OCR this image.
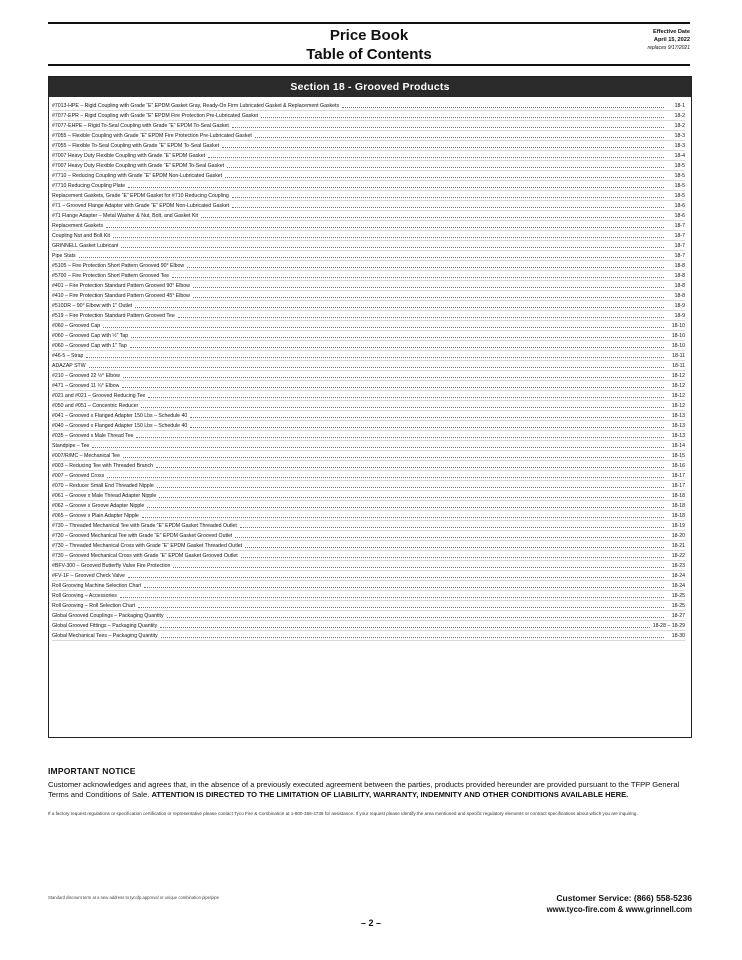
Price Book
Table of Contents
Effective Date
April 15, 2022
replaces 9/17/2021
Section 18 - Grooved Products
#7013-HPE – Rigid Coupling with Grade “E” EPDM Gasket Gray, Ready-On Firm Lubricated Gasket & Replacement Gaskets	18-1
#7077-EPR – Rigid Coupling with Grade “E” EPDM Fire Protection Pre-Lubricated Gasket	18-2
#7077-EHPE – Rigid To-Seal Coupling with Grade “E” EPDM To-Seal Gasket	18-2
#7055 – Flexible Coupling with Grade “E” EPDM Fire Protection Pre-Lubricated Gasket	18-3
#7055 – Flexible To-Seal Coupling with Grade “E” EPDM To-Seal Gasket	18-3
#7007 Heavy Duty Flexible Coupling with Grade “E” EPDM Gasket	18-4
#7007 Heavy Duty Flexible Coupling with Grade “E” EPDM To-Seal Gasket	18-5
#7710 – Reducing Coupling with Grade “E” EPDM Non-Lubricated Gasket	18-5
#7710 Reducing Coupling Plate	18-5
Replacement Gaskets, Grade “E” EPDM Gasket for #710 Reducing Coupling	18-5
#71 – Grooved Flange Adapter with Grade “E” EPDM Non-Lubricated Gasket	18-6
#71 Flange Adapter – Metal Washer & Nut, Bolt, and Gasket Kit	18-6
Replacement Gaskets	18-7
Coupling Nut and Bolt Kit	18-7
GRINNELL Gasket Lubricant	18-7
Pipe Stats	18-7
#5105 – Fire Protection Short Pattern Grooved 90° Elbow	18-8
#5700 – Fire Protection Short Pattern Grooved Tee	18-8
#401 – Fire Protection Standard Pattern Grooved 90° Elbow	18-8
#410 – Fire Protection Standard Pattern Grooved 45° Elbow	18-8
#510DR – 90° Elbow with 1" Outlet	18-9
#519 – Fire Protection Standard Pattern Grooved Tee	18-9
#060 – Grooved Cap	18-10
#060 – Grooved Cap with ½" Tap	18-10
#060 – Grooved Cap with 1" Tap	18-10
#46-5 – Strap	18-11
ADAZAP STW	18-11
#210 – Grooved 22 ½° Elbow	18-12
#471 – Grooved 11 ¼° Elbow	18-12
#021 and #021 – Grooved Reducing Tee	18-12
#050 and #051 – Concentric Reducer	18-12
#041 – Grooved x Flanged Adapter 150 Lbs – Schedule 40	18-13
#040 – Grooved x Flanged Adapter 150 Lbs – Schedule 40	18-13
#035 – Grooved x Male Thread Tee	18-13
Standpipe – Tee	18-14
#007/R/MC – Mechanical Tee	18-15
#003 – Reducing Tee with Threaded Branch	18-16
#007 – Grooved Cross	18-17
#070 – Reducer Small End Threaded Nipple	18-17
#061 – Groove x Male Thread Adapter Nipple	18-18
#062 – Groove x Groove Adapter Nipple	18-18
#065 – Groove x Plain Adapter Nipple	18-18
#730 – Threaded Mechanical Tee with Grade “E” EPDM Gasket Threaded Outlet	18-19
#730 – Grooved Mechanical Tee with Grade “E” EPDM Gasket Grooved Outlet	18-20
#730 – Threaded Mechanical Cross with Grade “E” EPDM Gasket Threaded Outlet	18-21
#730 – Grooved Mechanical Cross with Grade “E” EPDM Gasket Grooved Outlet	18-22
#BFV-300 – Grooved Butterfly Valve Fire Protection	18-23
#FV-1F – Grooved Check Valve	18-24
Roll Grooving Machine Selection Chart	18-24
Roll Grooving – Accessories	18-25
Roll Grooving – Roll Selection Chart	18-25
Global Grooved Couplings – Packaging Quantity	18-27
Global Grooved Fittings – Packaging Quantity	18-28 – 18-29
Global Mechanical Tees – Packaging Quantity	18-30
IMPORTANT NOTICE
Customer acknowledges and agrees that, in the absence of a previously executed agreement between the parties, products provided hereunder are provided pursuant to the TFPP General Terms and Conditions of Sale. ATTENTION IS DIRECTED TO THE LIMITATION OF LIABILITY, WARRANTY, INDEMNITY AND OTHER CONDITIONS AVAILABLE HERE.
If a factory request regulations or specification certification or representative please contact Tyco Fire & Combination at 1-800-366-4739 for assistance. If your request please identify the area mentioned and specific regulatory elements or contract specifications about which you are inquiring.
Standard discount term at a new address to tycofp.approval or unique combination pipe/pipe	Customer Service: (866) 558-5236
www.tyco-fire.com & www.grinnell.com
– 2 –
